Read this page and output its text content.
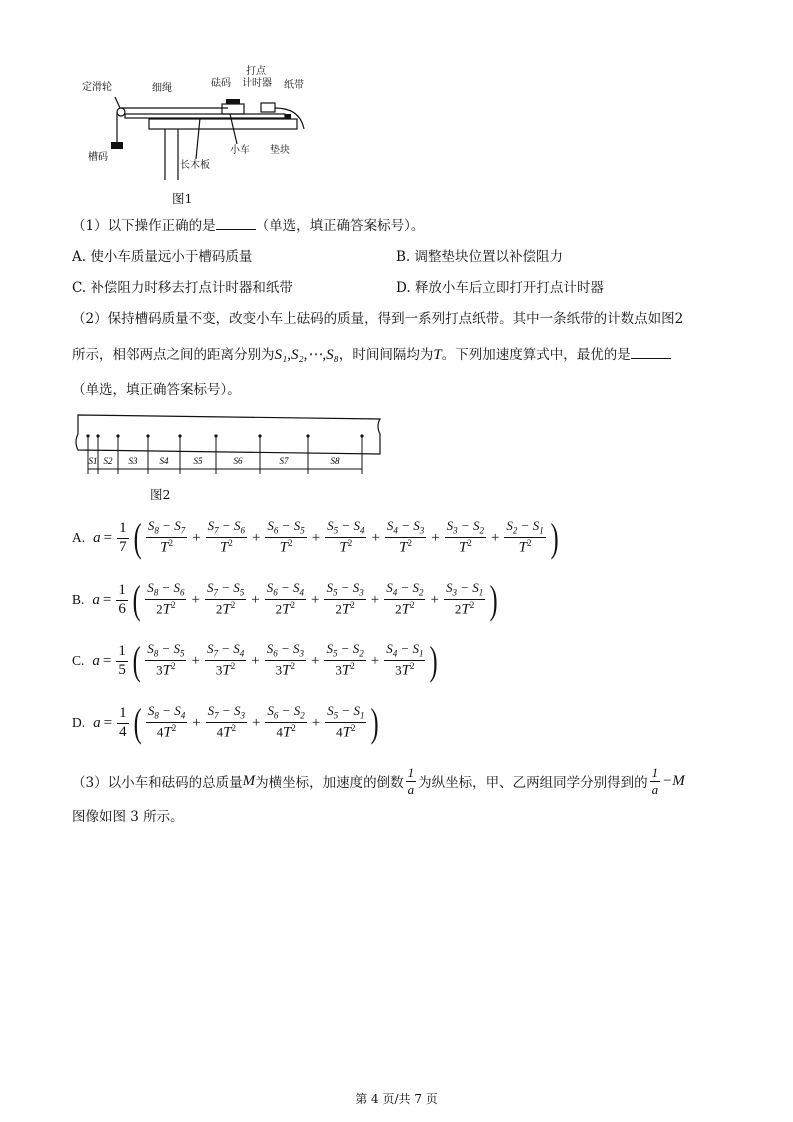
定滑轮	细绳	砝码
打点
计时器 纸带
槽码
长木板
小车 垫块
图1
（1）以下操作正确的是	（单选，填正确答案标号）。
A. 使小车质量远小于槽码质量	B. 调整垫块位置以补偿阻力
C. 补偿阻力时移去打点计时器和纸带	D. 释放小车后立即打开打点计时器
（2）保持槽码质量不变，改变小车上砝码的质量，得到一系列打点纸带。其中一条纸带的计数点如图2
所示，相邻两点之间的距离分别为S₁,S₂,⋯,S₈，时间间隔均为T。下列加速度算式中，最优的是
（单选，填正确答案标号）。
S1 S2 S3 S4	S5	S6	S7	S8
图2
A. $a = \frac{1}{7}$ ( $\frac{S_8 - S_7}{T^2} + \frac{S_7 - S_6}{T^2} + \frac{S_6 - S_5}{T^2} + \frac{S_5 - S_4}{T^2} + \frac{S_4 - S_3}{T^2} + \frac{S_3 - S_2}{T^2} + \frac{S_2 - S_1}{T^2}$ )
B. $a = \frac{1}{6}$ ( $\frac{S_8 - S_6}{2T^2} + \frac{S_7 - S_5}{2T^2} + \frac{S_6 - S_4}{2T^2} + \frac{S_5 - S_3}{2T^2} + \frac{S_4 - S_2}{2T^2} + \frac{S_3 - S_1}{2T^2}$ )
C. $a = \frac{1}{5}$ ( $\frac{S_8 - S_5}{3T^2} + \frac{S_7 - S_4}{3T^2} + \frac{S_6 - S_3}{3T^2} + \frac{S_5 - S_2}{3T^2} + \frac{S_4 - S_1}{3T^2}$ )
D. $a = \frac{1}{4}$ ( $\frac{S_8 - S_4}{4T^2} + \frac{S_7 - S_3}{4T^2} + \frac{S_6 - S_2}{4T^2} + \frac{S_5 - S_1}{4T^2}$ )
（3）以小车和砝码的总质量 M 为横坐标，加速度的倒数 $\frac{1}{a}$ 为纵坐标，甲、乙两组同学分别得到的 $\frac{1}{a} -M$
图像如图 3 所示。
第 4 页/共 7 页
